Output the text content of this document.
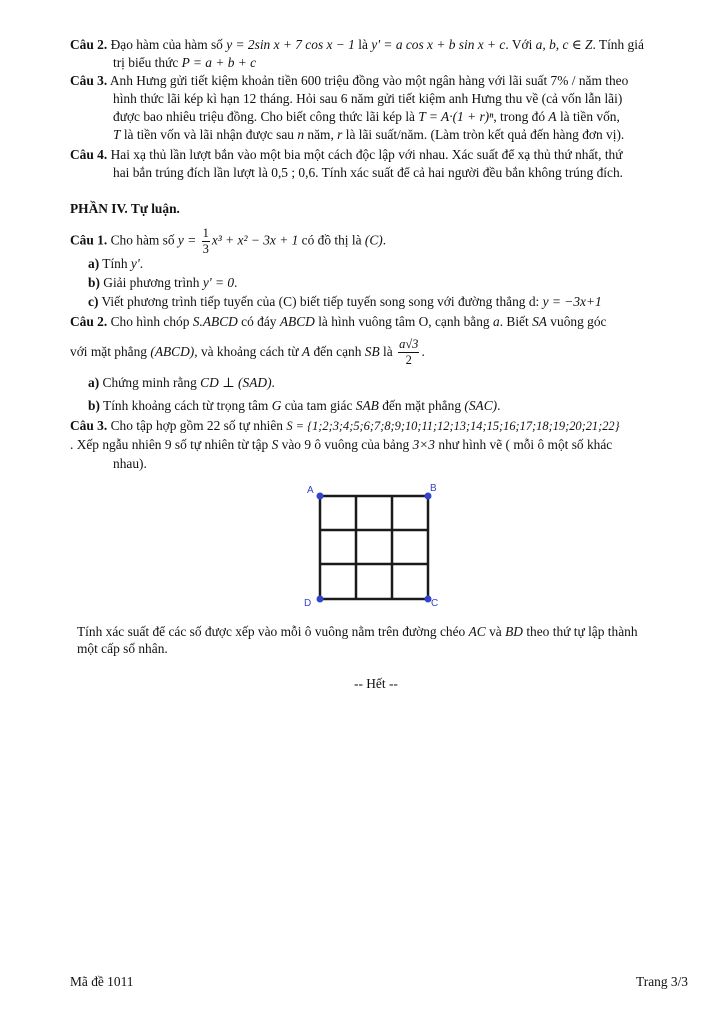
Câu 2. Đạo hàm của hàm số y = 2sin x + 7 cos x − 1 là y' = a cos x + b sin x + c. Với a, b, c ∈ Z. Tính giá
trị biểu thức P = a + b + c
Câu 3. Anh Hưng gửi tiết kiệm khoản tiền 600 triệu đồng vào một ngân hàng với lãi suất 7% / năm theo
hình thức lãi kép kì hạn 12 tháng. Hỏi sau 6 năm gửi tiết kiệm anh Hưng thu về (cả vốn lẫn lãi)
được bao nhiêu triệu đồng. Cho biết công thức lãi kép là T = A·(1 + r)ⁿ, trong đó A là tiền vốn,
T là tiền vốn và lãi nhận được sau n năm, r là lãi suất/năm. (Làm tròn kết quả đến hàng đơn vị).
Câu 4. Hai xạ thủ lần lượt bắn vào một bia một cách độc lập với nhau. Xác suất để xạ thủ thứ nhất, thứ
hai bắn trúng đích lần lượt là 0,5 ; 0,6. Tính xác suất để cả hai người đều bắn không trúng đích.
PHẦN IV. Tự luận.
Câu 1. Cho hàm số $y = \frac{1}{3} x^3 + x^2 - 3x + 1$ có đồ thị là (C).
a) Tính y'.
b) Giải phương trình y' = 0.
c) Viết phương trình tiếp tuyến của (C) biết tiếp tuyến song song với đường thẳng d: y = −3x+1
Câu 2. Cho hình chóp S.ABCD có đáy ABCD là hình vuông tâm O, cạnh bằng a. Biết SA vuông góc
với mặt phẳng (ABCD), và khoảng cách từ A đến cạnh SB là $\frac{a√3}{2}$ .
a) Chứng minh rằng CD ⊥ (SAD).
b) Tính khoảng cách từ trọng tâm G của tam giác SAB đến mặt phẳng (SAC).
Câu 3. Cho tập hợp gồm 22 số tự nhiên S = {1;2;3;4;5;6;7;8;9;10;11;12;13;14;15;16;17;18;19;20;21;22}
. Xếp ngẫu nhiên 9 số tự nhiên từ tập S vào 9 ô vuông của bảng 3×3 như hình vẽ ( mỗi ô một số khác
nhau).
A	B
C
D
Tính xác suất để các số được xếp vào mỗi ô vuông nằm trên đường chéo AC và BD theo thứ tự lập thành
một cấp số nhân.
-- Hết --
Mã đề 1011	Trang 3/3
